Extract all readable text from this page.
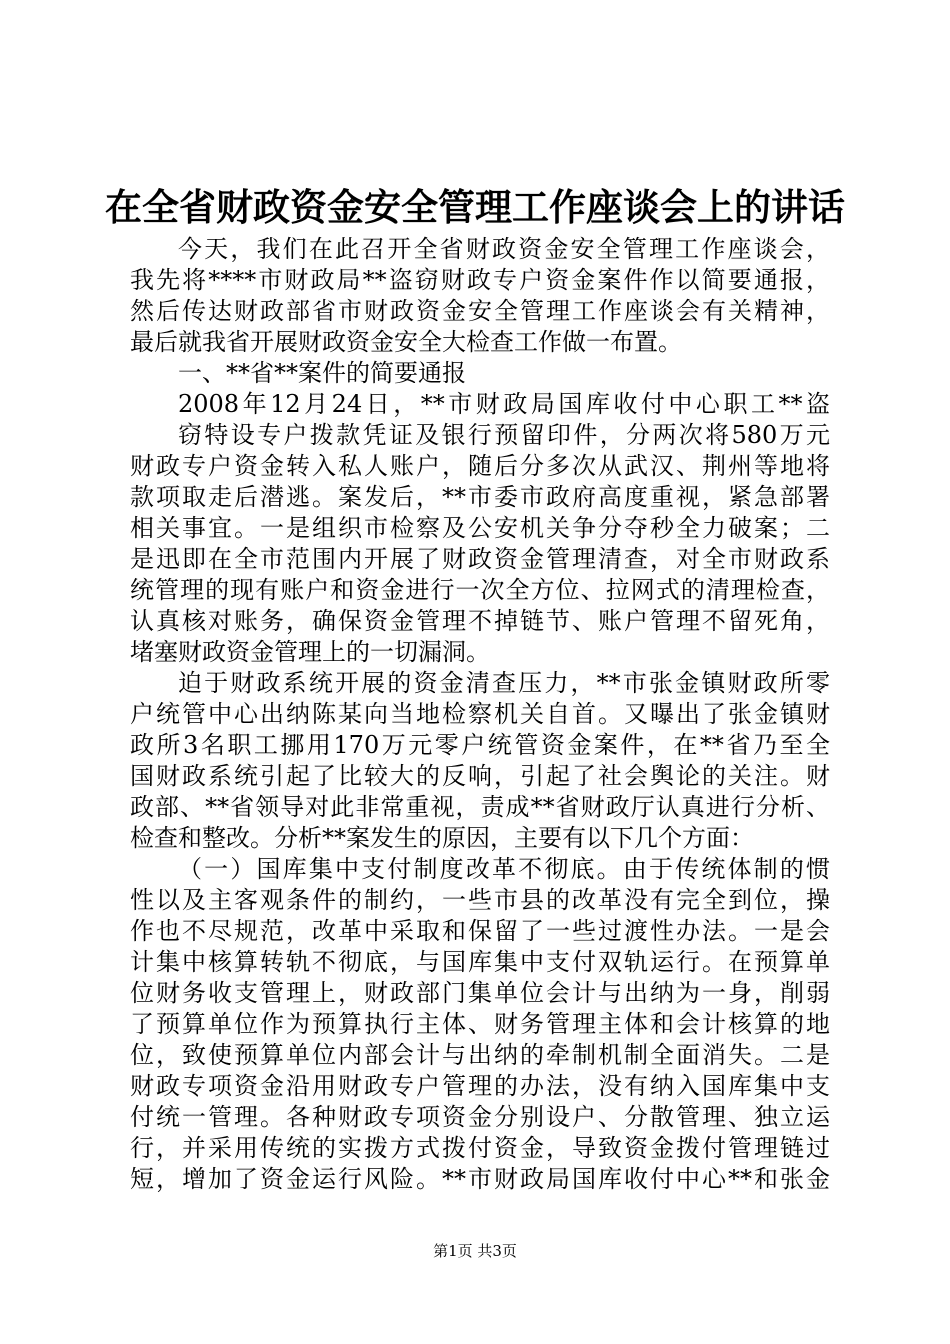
在全省财政资金安全管理工作座谈会上的讲话
今天，我们在此召开全省财政资金安全管理工作座谈会，
我先将****市财政局**盗窃财政专户资金案件作以简要通报，
然后传达财政部省市财政资金安全管理工作座谈会有关精神，
最后就我省开展财政资金安全大检查工作做一布置。
一、**省**案件的简要通报
2008年12月24日，**市财政局国库收付中心职工**盗
窃特设专户拨款凭证及银行预留印件，分两次将580万元
财政专户资金转入私人账户，随后分多次从武汉、荆州等地将
款项取走后潜逃。案发后，**市委市政府高度重视，紧急部署
相关事宜。一是组织市检察及公安机关争分夺秒全力破案；二
是迅即在全市范围内开展了财政资金管理清查，对全市财政系
统管理的现有账户和资金进行一次全方位、拉网式的清理检查，
认真核对账务，确保资金管理不掉链节、账户管理不留死角，
堵塞财政资金管理上的一切漏洞。
迫于财政系统开展的资金清查压力，**市张金镇财政所零
户统管中心出纳陈某向当地检察机关自首。又曝出了张金镇财
政所3名职工挪用170万元零户统管资金案件，在**省乃至全
国财政系统引起了比较大的反响，引起了社会舆论的关注。财
政部、**省领导对此非常重视，责成**省财政厅认真进行分析、
检查和整改。分析**案发生的原因，主要有以下几个方面：
（一）国库集中支付制度改革不彻底。由于传统体制的惯
性以及主客观条件的制约，一些市县的改革没有完全到位，操
作也不尽规范，改革中采取和保留了一些过渡性办法。一是会
计集中核算转轨不彻底，与国库集中支付双轨运行。在预算单
位财务收支管理上，财政部门集单位会计与出纳为一身，削弱
了预算单位作为预算执行主体、财务管理主体和会计核算的地
位，致使预算单位内部会计与出纳的牵制机制全面消失。二是
财政专项资金沿用财政专户管理的办法，没有纳入国库集中支
付统一管理。各种财政专项资金分别设户、分散管理、独立运
行，并采用传统的实拨方式拨付资金，导致资金拨付管理链过
短，增加了资金运行风险。**市财政局国库收付中心**和张金
第1页 共3页
